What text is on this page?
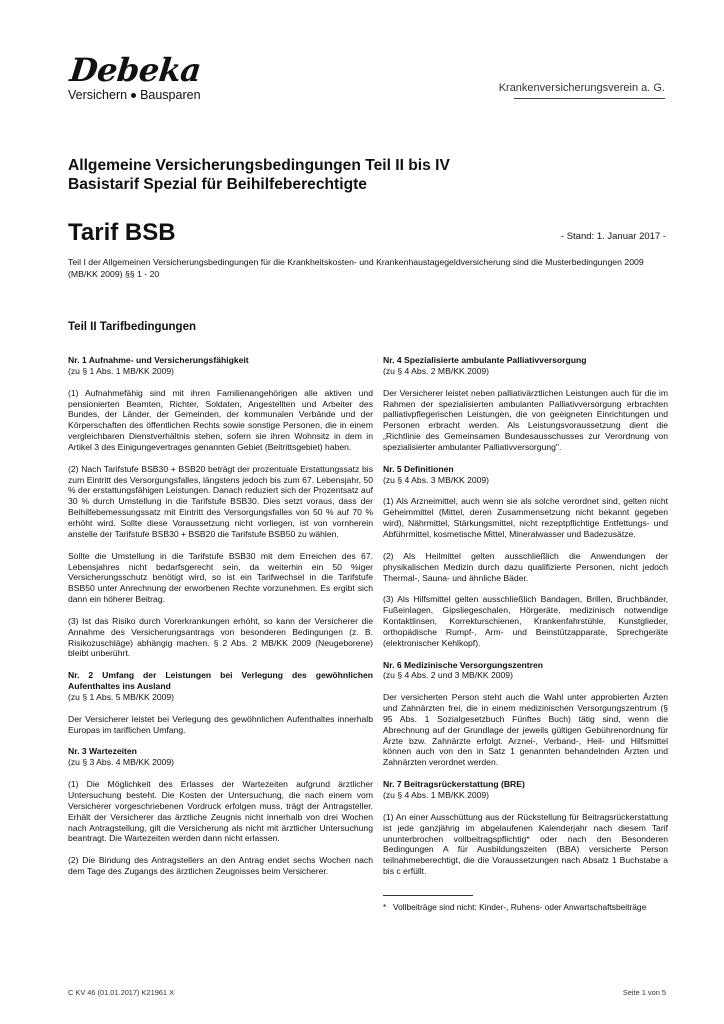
Debeka
Versichern Bausparen	Krankenversicherungsverein a. G.
Allgemeine Versicherungsbedingungen Teil II bis IV
Basistarif Spezial für Beihilfeberechtigte
Tarif BSB	- Stand: 1. Januar 2017 -
Teil I der Allgemeinen Versicherungsbedingungen für die Krankheitskosten- und Krankenhaustagegeldversicherung sind die Musterbedingungen 2009 (MB/KK 2009) §§ 1 - 20
Teil II Tarifbedingungen
Nr. 1 Aufnahme- und Versicherungsfähigkeit
(zu § 1 Abs. 1 MB/KK 2009)

(1) Aufnahmefähig sind mit ihren Familienangehörigen alle aktiven und pensionierten Beamten, Richter, Soldaten, Angestellten und Arbeiter des Bundes, der Länder, der Gemeinden, der kommunalen Verbände und der Körperschaften des öffentlichen Rechts sowie sonstige Personen, die in einem vergleichbaren Dienstverhältnis stehen, sofern sie ihren Wohnsitz in dem in Artikel 3 des Einigungevertrages genannten Gebiet (Beitrittsgebiet) haben.

(2) Nach Tarifstufe BSB30 + BSB20 beträgt der prozentuale Erstattungssatz bis zum Eintritt des Versorgungsfalles, längstens jedoch bis zum 67. Lebensjahr, 50 % der erstattungsfähigen Leistungen. Danach reduziert sich der Prozentsatz auf 30 % durch Umstellung in die Tarifstufe BSB30. Dies setzt voraus, dass der Beihilfebemessungssatz mit Eintritt des Versorgungsfalles von 50 % auf 70 % erhöht wird. Sollte diese Voraussetzung nicht vorliegen, ist von vornherein anstelle der Tarifstufe BSB30 + BSB20 die Tarifstufe BSB50 zu wählen.

Sollte die Umstellung in die Tarifstufe BSB30 mit dem Erreichen des 67. Lebensjahres nicht bedarfsgerecht sein, da weiterhin ein 50 %iger Versicherungsschutz benötigt wird, so ist ein Tarifwechsel in die Tarifstufe BSB50 unter Anrechnung der erworbenen Rechte vorzunehmen. Es ergibt sich dann ein höherer Beitrag.

(3) Ist das Risiko durch Vorerkrankungen erhöht, so kann der Versicherer die Annahme des Versicherungsantrags von besonderen Bedingungen (z. B. Risikozuschläge) abhängig machen. § 2 Abs. 2 MB/KK 2009 (Neugeborene) bleibt unberührt.

Nr. 2 Umfang der Leistungen bei Verlegung des gewöhnlichen Aufenthaltes ins Ausland
(zu § 1 Abs. 5 MB/KK 2009)

Der Versicherer leistet bei Verlegung des gewöhnlichen Aufenthaltes innerhalb Europas im tariflichen Umfang.

Nr. 3 Wartezeiten
(zu § 3 Abs. 4 MB/KK 2009)

(1) Die Möglichkeit des Erlasses der Wartezeiten aufgrund ärztlicher Untersuchung besteht. Die Kosten der Untersuchung, die nach einem vom Versicherer vorgeschriebenen Vordruck erfolgen muss, trägt der Antragsteller. Erhält der Versicherer das ärztliche Zeugnis nicht innerhalb von drei Wochen nach Antragstellung, gilt die Versicherung als nicht mit ärztlicher Untersuchung beantragt. Die Wartezeiten werden dann nicht erlassen.

(2) Die Bindung des Antragstellers an den Antrag endet sechs Wochen nach dem Tage des Zugangs des ärztlichen Zeugnisses beim Versicherer.

Nr. 4 Spezialisierte ambulante Palliativversorgung
(zu § 4 Abs. 2 MB/KK 2009)

Der Versicherer leistet neben palliativärztlichen Leistungen auch für die im Rahmen der spezialisierten ambulanten Palliativversorgung erbrachten palliativpflegerischen Leistungen, die von geeigneten Einrichtungen und Personen erbracht werden. Als Leistungsvoraussetzung dient die „Richtlinie des Gemeinsamen Bundesausschusses zur Verordnung von spezialisierter ambulanter Palliativversorgung".

Nr. 5 Definitionen
(zu § 4 Abs. 3 MB/KK 2009)

(1) Als Arzneimittel, auch wenn sie als solche verordnet sind, gelten nicht Geheimmittel (Mittel, deren Zusammensetzung nicht bekannt gegeben wird), Nährmittel, Stärkungsmittel, nicht rezeptpflichtige Entfettungs- und Abführmittel, kosmetische Mittel, Mineralwasser und Badezusätze.

(2) Als Heilmittel gelten ausschließlich die Anwendungen der physikalischen Medizin durch dazu qualifizierte Personen, nicht jedoch Thermal-, Sauna- und ähnliche Bäder.

(3) Als Hilfsmittel gelten ausschließlich Bandagen, Brillen, Bruchbänder, Fußeinlagen, Gipsliegeschalen, Hörgeräte, medizinisch notwendige Kontaktlinsen, Korrekturschienen, Krankenfahrstühle, Kunstglieder, orthopädische Rumpf-, Arm- und Beinstützapparate, Sprechgeräte (elektronischer Kehlkopf).

Nr. 6 Medizinische Versorgungszentren
(zu § 4 Abs. 2 und 3 MB/KK 2009)

Der versicherten Person steht auch die Wahl unter approbierten Ärzten und Zahnärzten frei, die in einem medizinischen Versorgungszentrum (§ 95 Abs. 1 Sozialgesetzbuch Fünftes Buch) tätig sind, wenn die Abrechnung auf der Grundlage der jeweils gültigen Gebührenordnung für Ärzte bzw. Zahnärzte erfolgt. Arznei-, Verband-, Heil- und Hilfsmittel können auch von den in Satz 1 genannten behandelnden Ärzten und Zahnärzten verordnet werden.

Nr. 7 Beitragsrückerstattung (BRE)
(zu § 4 Abs. 1 MB/KK 2009)

(1) An einer Ausschüttung aus der Rückstellung für Beitragsrückerstattung ist jede ganzjährig im abgelaufenen Kalenderjahr nach diesem Tarif ununterbrochen vollbeitragspflichtig* oder nach den Besonderen Bedingungen A für Ausbildungszeiten (BBA) versicherte Person teilnahmeberechtigt, die die Voraussetzungen nach Absatz 1 Buchstabe a bis c erfüllt.

* Vollbeiträge sind nicht: Kinder-, Ruhens- oder Anwartschaftsbeiträge
C KV 46 (01.01.2017) K21961 X	Seite 1 von 5
